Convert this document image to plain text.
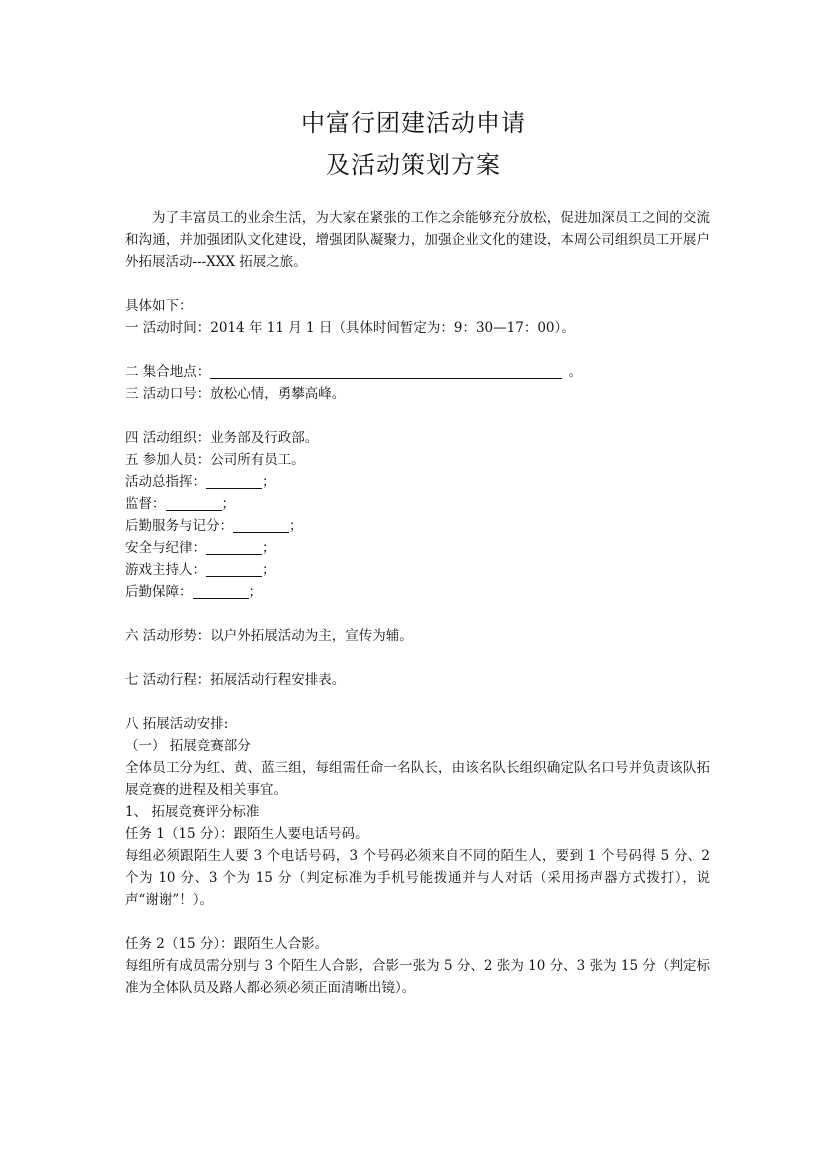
中富行团建活动申请
及活动策划方案

为了丰富员工的业余生活，为大家在紧张的工作之余能够充分放松，促进加深员工之间的交流和沟通，并加强团队文化建设，增强团队凝聚力，加强企业文化的建设，本周公司组织员工开展户外拓展活动---XXX 拓展之旅。

具体如下：

一 活动时间：2014 年 11 月 1 日（具体时间暂定为：9：30—17：00）。

二 集合地点：	。

三 活动口号：放松心情，勇攀高峰。

四 活动组织：业务部及行政部。

五 参加人员：公司所有员工。

活动总指挥：	；

监督：	；

后勤服务与记分：	；

安全与纪律：	；

游戏主持人：	；

后勤保障：	；

六 活动形势：以户外拓展活动为主，宣传为辅。

七 活动行程：拓展活动行程安排表。

八 拓展活动安排:

（一） 拓展竞赛部分

全体员工分为红、黄、蓝三组，每组需任命一名队长，由该名队长组织确定队名口号并负责该队拓展竞赛的进程及相关事宜。

1、 拓展竞赛评分标准

任务 1（15 分）：跟陌生人要电话号码。

每组必须跟陌生人要 3 个电话号码，3 个号码必须来自不同的陌生人，要到 1 个号码得 5 分、2 个为 10 分、3 个为 15 分（判定标准为手机号能拨通并与人对话（采用扬声器方式拨打），说声“谢谢”！）。

任务 2（15 分）：跟陌生人合影。

每组所有成员需分别与 3 个陌生人合影，合影一张为 5 分、2 张为 10 分、3 张为 15 分（判定标准为全体队员及路人都必须必须正面清晰出镜）。
